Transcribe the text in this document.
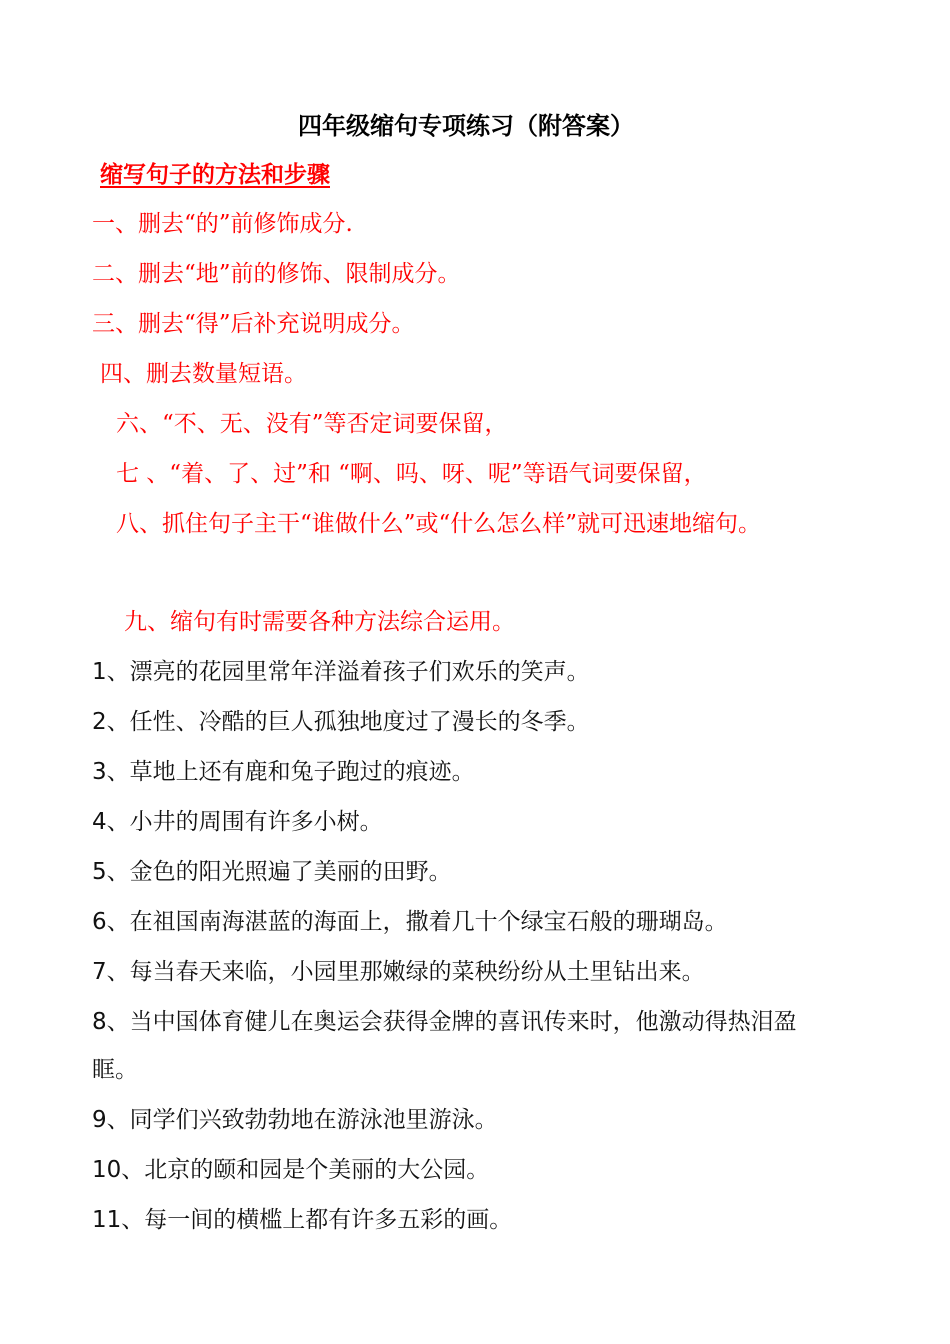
四年级缩句专项练习（附答案）
缩写句子的方法和步骤
一、删去“的”前修饰成分.
二、删去“地”前的修饰、限制成分。
三、删去“得”后补充说明成分。
四、删去数量短语。
六、“不、无、没有”等否定词要保留，
七 、“着、了、过”和 “啊、吗、呀、呢”等语气词要保留，
八、抓住句子主干“谁做什么”或“什么怎么样”就可迅速地缩句。
九、缩句有时需要各种方法综合运用。
1、漂亮的花园里常年洋溢着孩子们欢乐的笑声。
2、任性、冷酷的巨人孤独地度过了漫长的冬季。
3、草地上还有鹿和兔子跑过的痕迹。
4、小井的周围有许多小树。
5、金色的阳光照遍了美丽的田野。
6、在祖国南海湛蓝的海面上，撒着几十个绿宝石般的珊瑚岛。
7、每当春天来临，小园里那嫩绿的菜秧纷纷从土里钻出来。
8、当中国体育健儿在奥运会获得金牌的喜讯传来时，他激动得热泪盈
眶。
9、同学们兴致勃勃地在游泳池里游泳。
10、北京的颐和园是个美丽的大公园。
11、每一间的横槛上都有许多五彩的画。
